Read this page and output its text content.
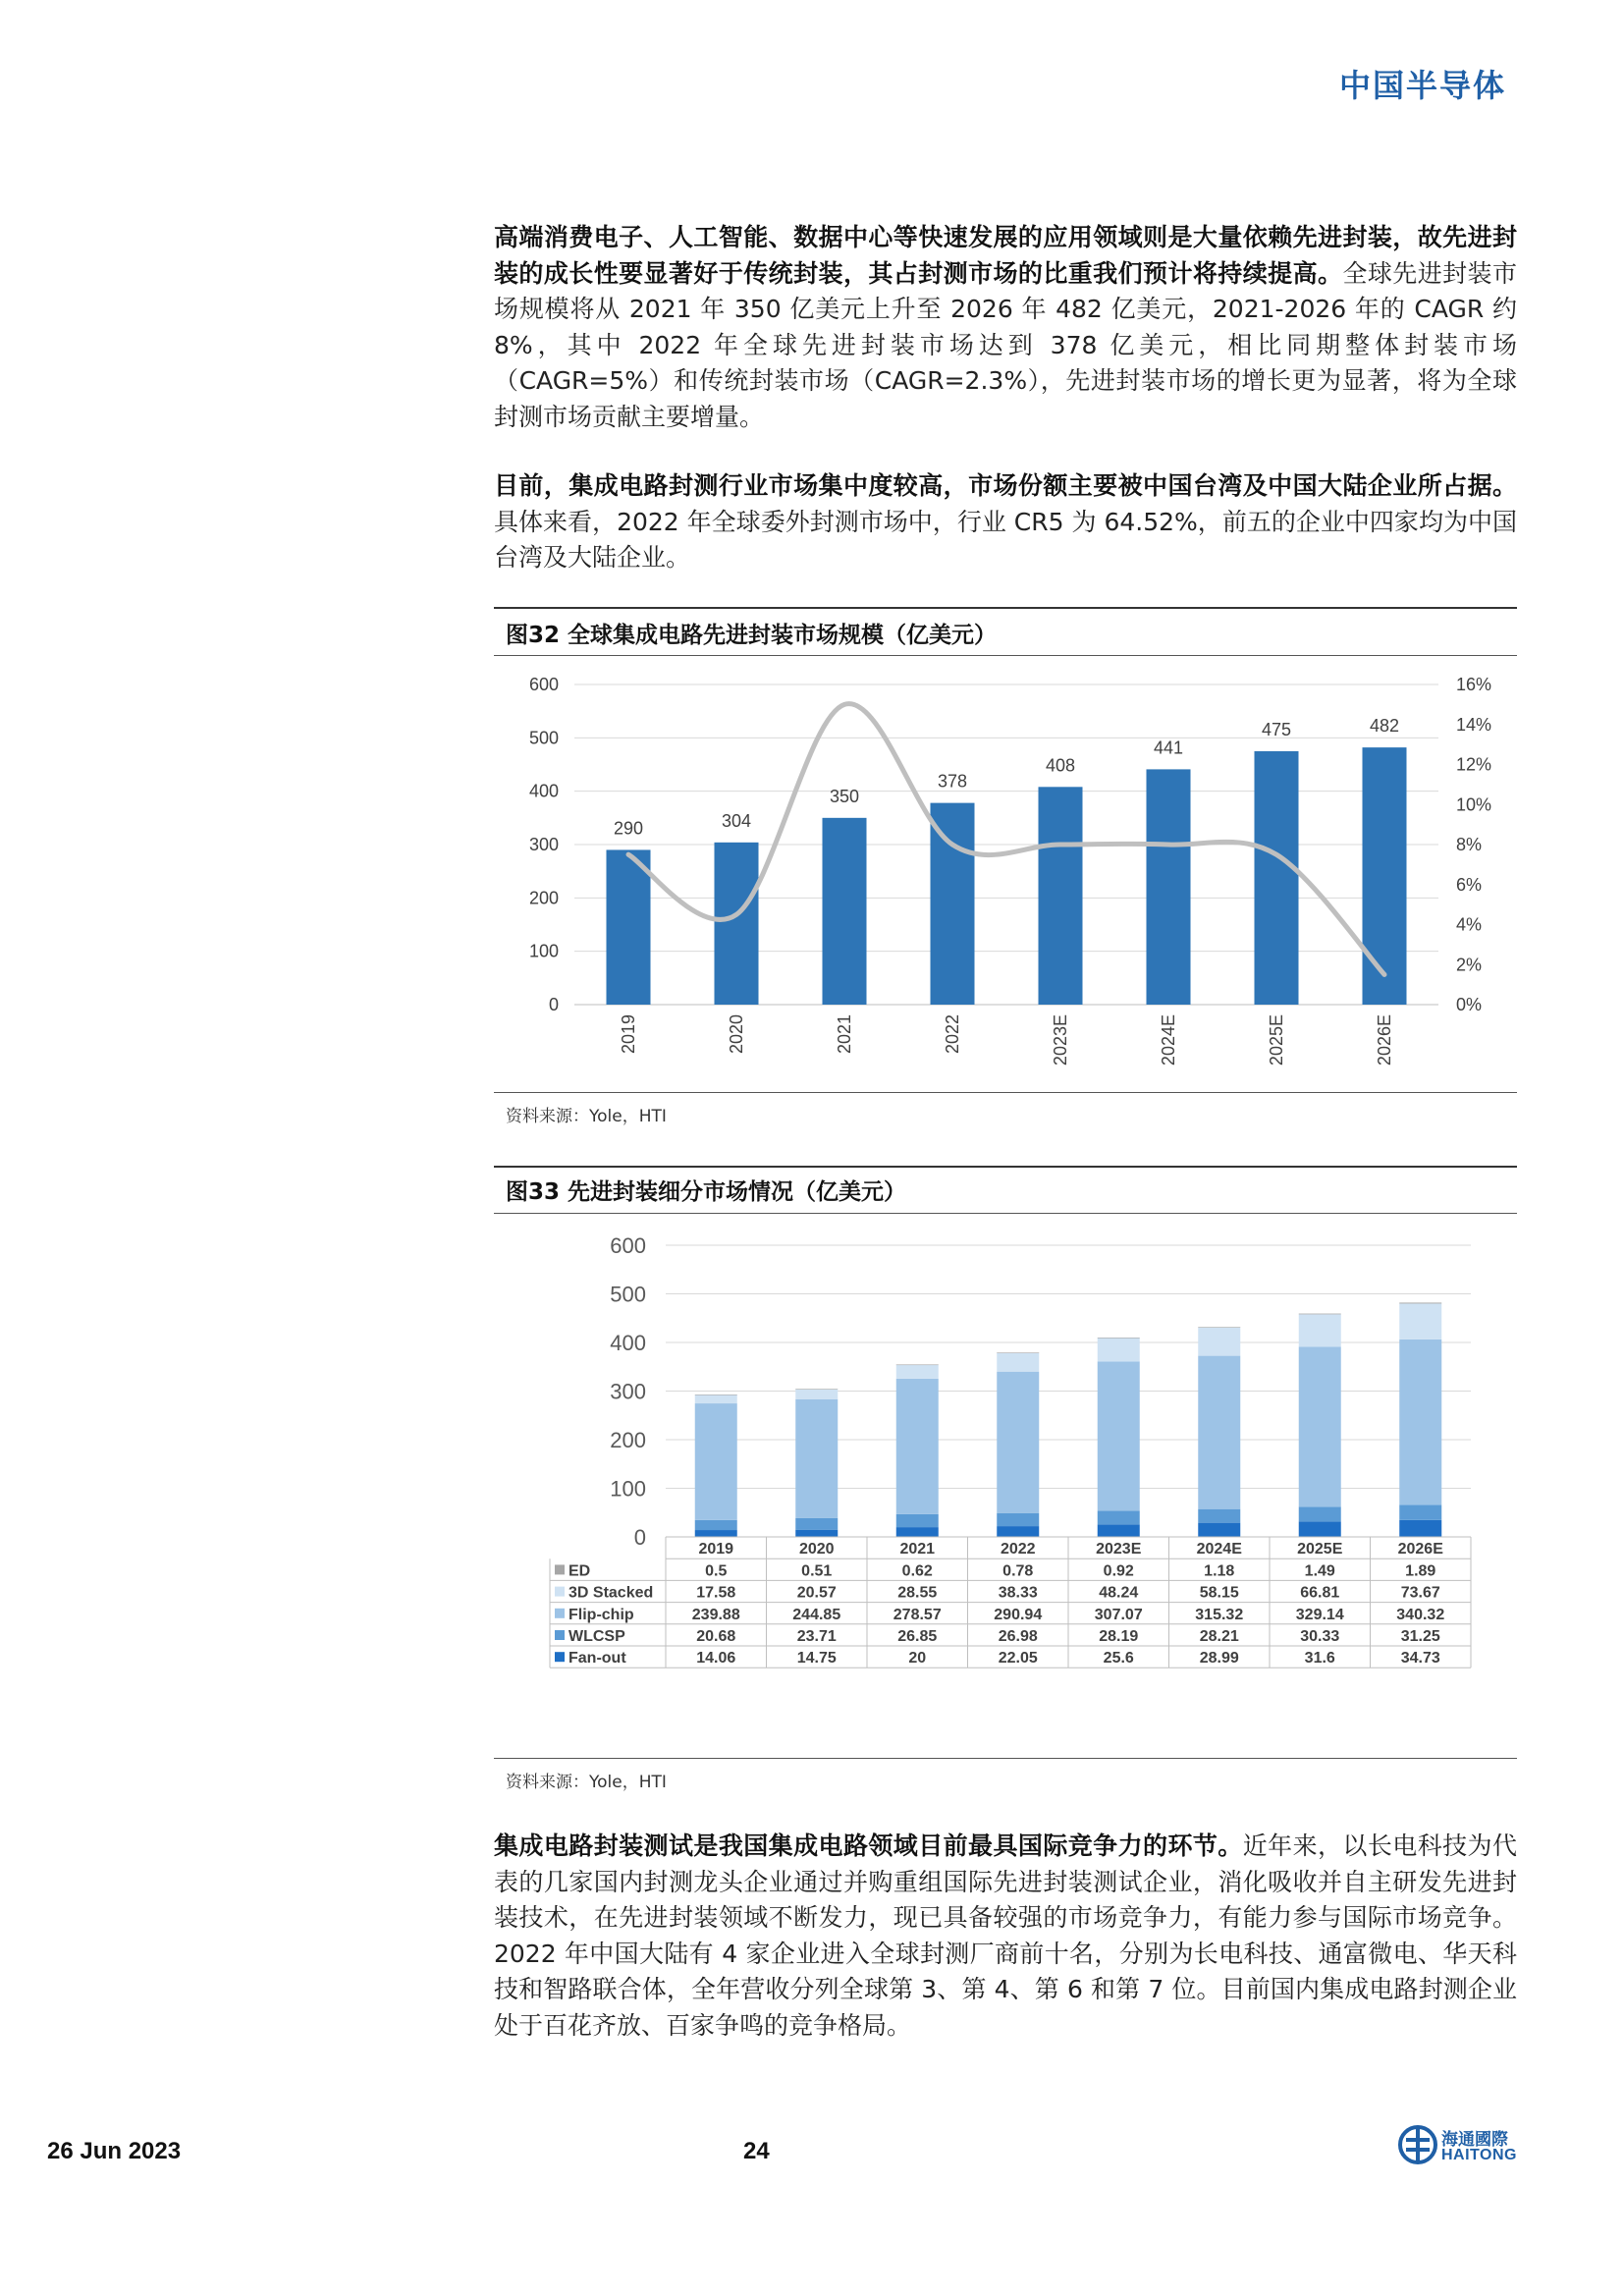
中国半导体
高端消费电子、人工智能、数据中心等快速发展的应用领域则是大量依赖先进封装，故先进封装的成长性要显著好于传统封装，其占封测市场的比重我们预计将持续提高。全球先进封装市场规模将从 2021 年 350 亿美元上升至 2026 年 482 亿美元，2021-2026 年的 CAGR 约 8%，其中 2022 年全球先进封装市场达到 378 亿美元，相比同期整体封装市场（CAGR=5%）和传统封装市场（CAGR=2.3%），先进封装市场的增长更为显著，将为全球封测市场贡献主要增量。
目前，集成电路封测行业市场集中度较高，市场份额主要被中国台湾及中国大陆企业所占据。具体来看，2022 年全球委外封测市场中，行业 CR5 为 64.52%，前五的企业中四家均为中国台湾及大陆企业。
图32 全球集成电路先进封装市场规模（亿美元）
0
100
200
300
400
500
600
0%
2%
4%
6%
8%
10%
12%
14%
16%
290
2019
304
2020
350
2021
378
2022
408
2023E
441
2024E
475
2025E
482
2026E
资料来源：Yole，HTI
图33 先进封装细分市场情况（亿美元）
0
100
200
300
400
500
600
2019	2020	2021	2022	2023E	2024E	2025E	2026E
ED	0.5	0.51	0.62	0.78	0.92	1.18	1.49	1.89
3D Stacked	17.58	20.57	28.55	38.33	48.24	58.15	66.81	73.67
Flip-chip	239.88	244.85	278.57	290.94	307.07	315.32	329.14	340.32
WLCSP	20.68	23.71	26.85	26.98	28.19	28.21	30.33	31.25
Fan-out	14.06	14.75	20	22.05	25.6	28.99	31.6	34.73
资料来源：Yole，HTI
集成电路封装测试是我国集成电路领域目前最具国际竞争力的环节。近年来，以长电科技为代表的几家国内封测龙头企业通过并购重组国际先进封装测试企业，消化吸收并自主研发先进封装技术，在先进封装领域不断发力，现已具备较强的市场竞争力，有能力参与国际市场竞争。2022 年中国大陆有 4 家企业进入全球封测厂商前十名，分别为长电科技、通富微电、华天科技和智路联合体，全年营收分列全球第 3、第 4、第 6 和第 7 位。目前国内集成电路封测企业处于百花齐放、百家争鸣的竞争格局。
26 Jun 2023	24	海通國際
HAITONG
